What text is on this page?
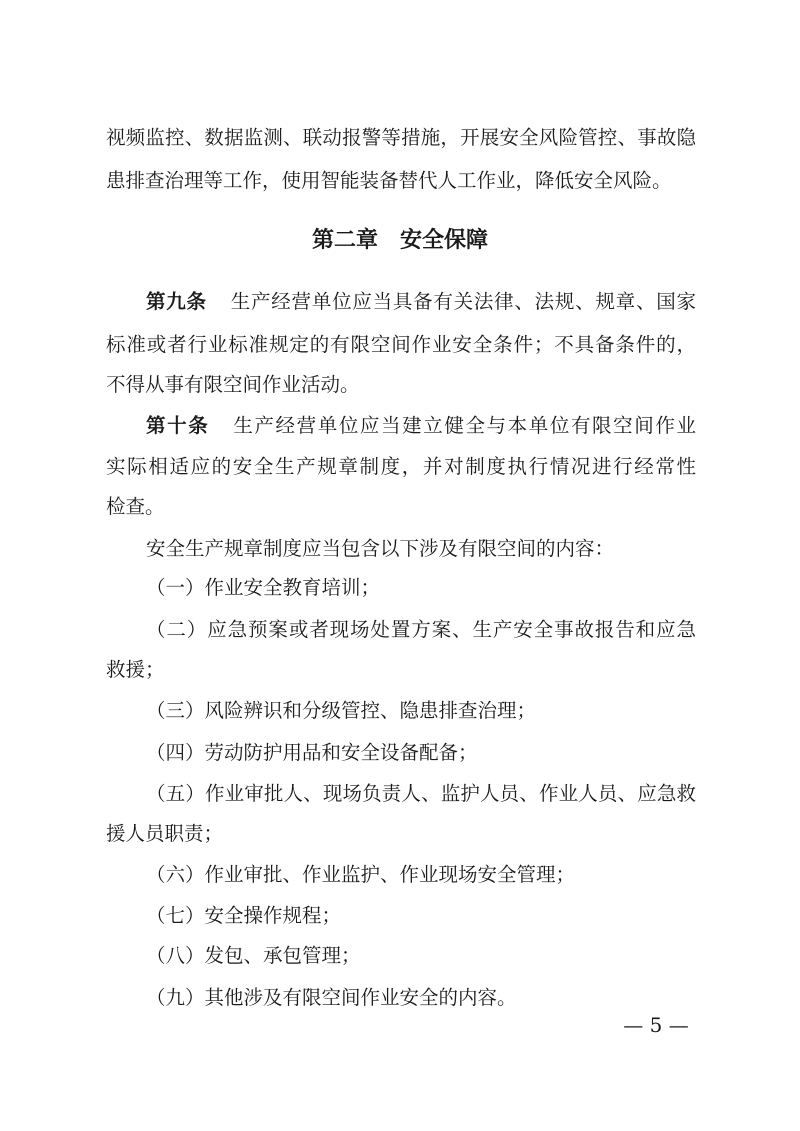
视频监控、数据监测、联动报警等措施，开展安全风险管控、事故隐
患排查治理等工作，使用智能装备替代人工作业，降低安全风险。
第二章　安全保障
第九条 生产经营单位应当具备有关法律、法规、规章、国家
标准或者行业标准规定的有限空间作业安全条件；不具备条件的，
不得从事有限空间作业活动。
第十条 生产经营单位应当建立健全与本单位有限空间作业
实际相适应的安全生产规章制度，并对制度执行情况进行经常性
检查。
安全生产规章制度应当包含以下涉及有限空间的内容：
（一）作业安全教育培训；
（二）应急预案或者现场处置方案、生产安全事故报告和应急
救援；
（三）风险辨识和分级管控、隐患排查治理；
（四）劳动防护用品和安全设备配备；
（五）作业审批人、现场负责人、监护人员、作业人员、应急救
援人员职责；
（六）作业审批、作业监护、作业现场安全管理；
（七）安全操作规程；
（八）发包、承包管理；
（九）其他涉及有限空间作业安全的内容。
— 5 —
